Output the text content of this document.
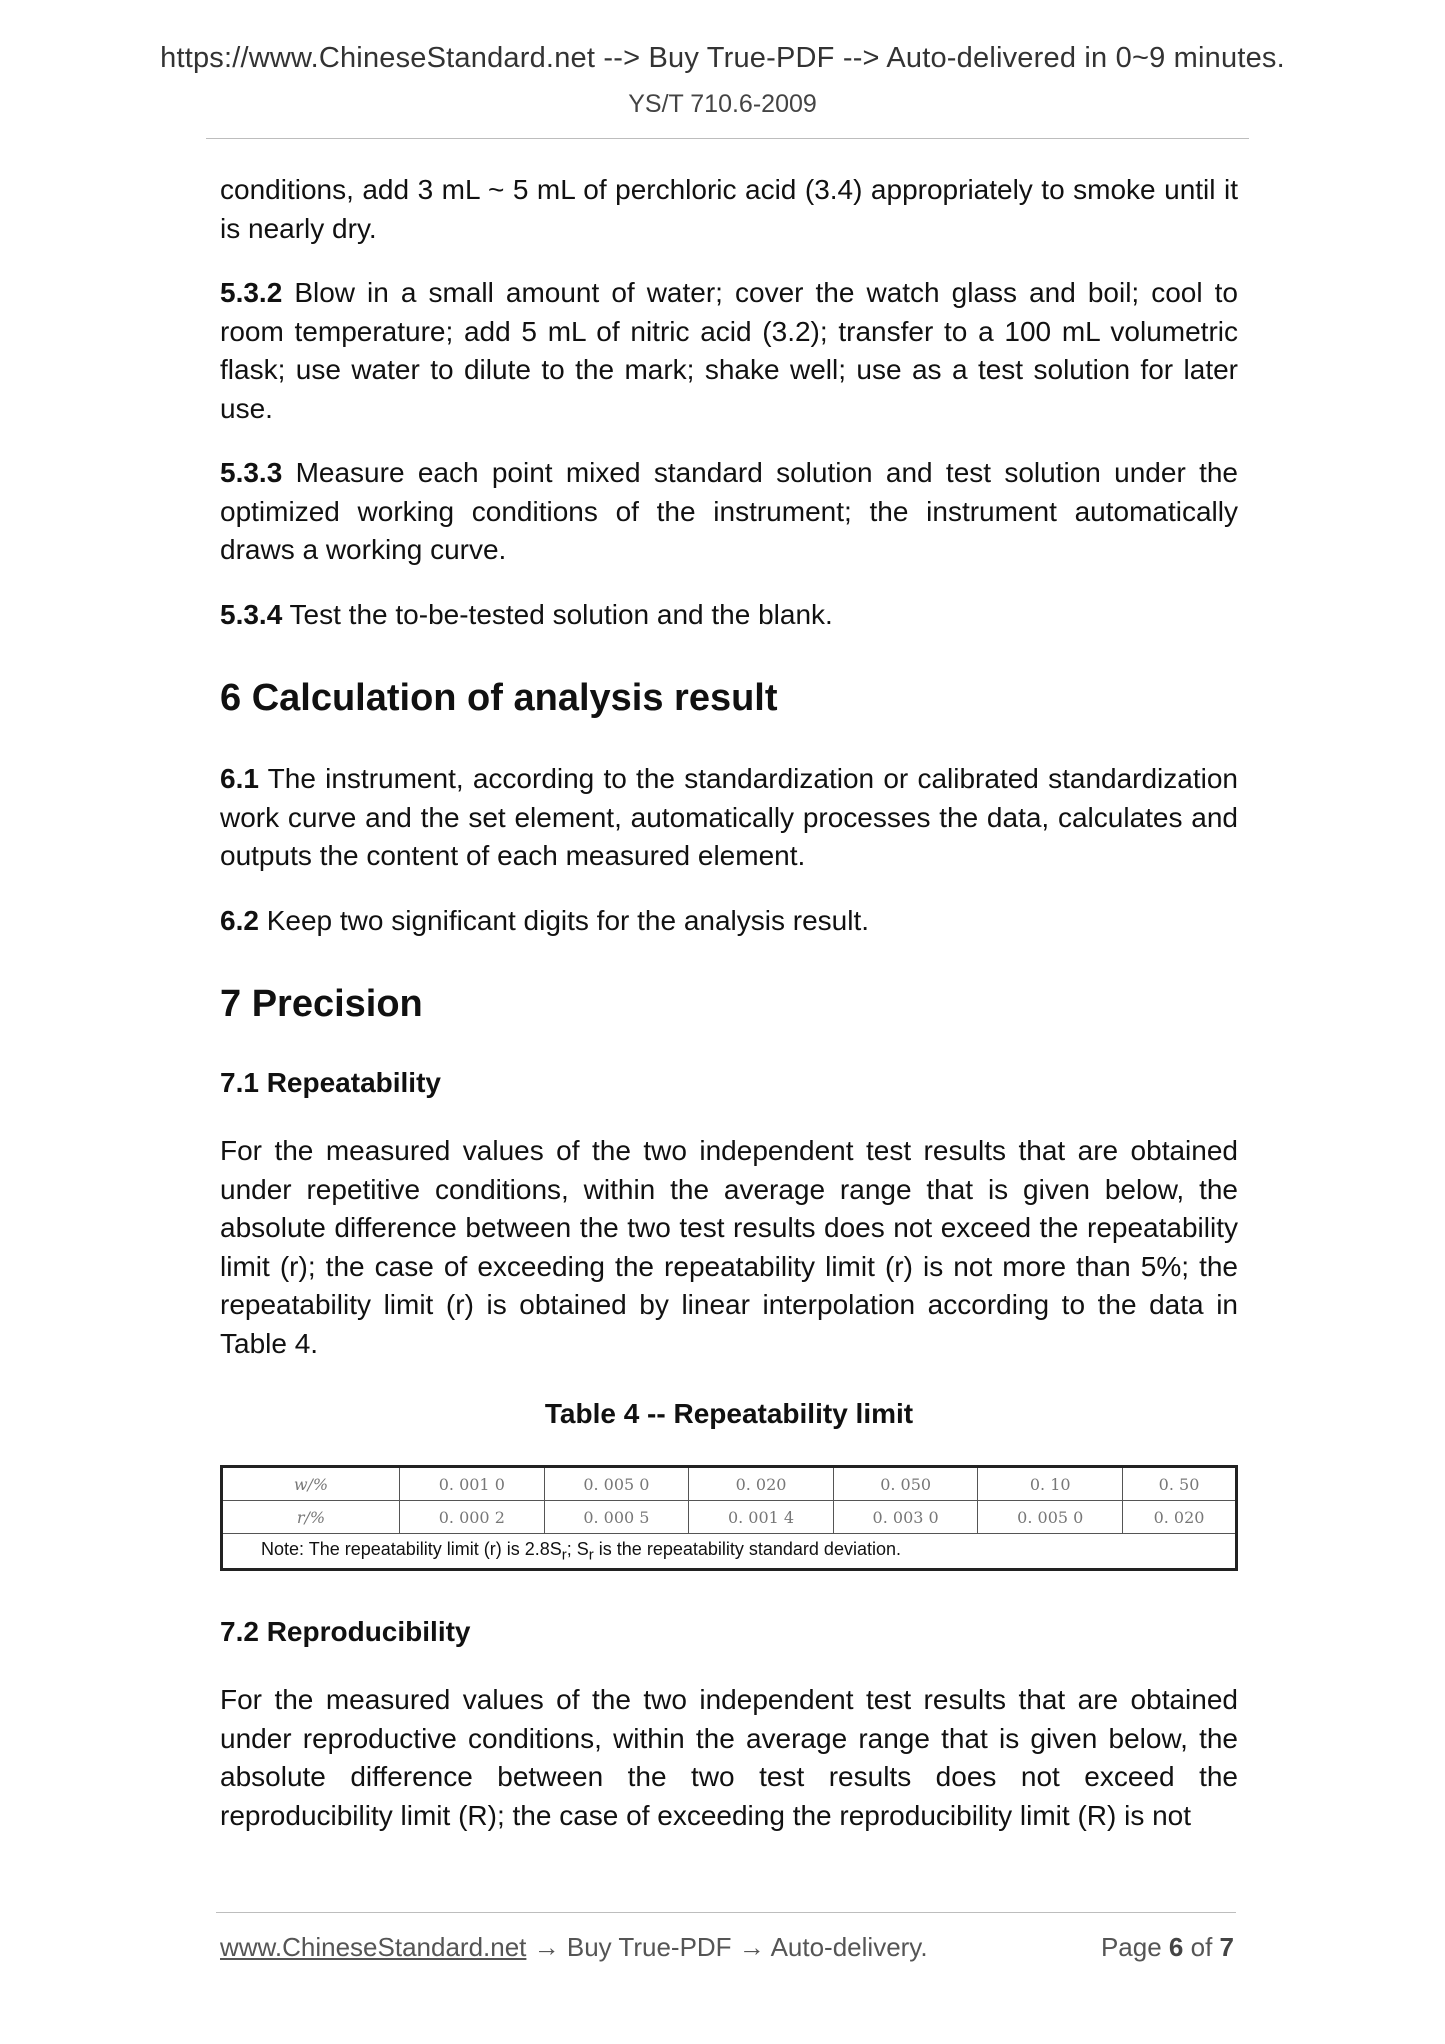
https://www.ChineseStandard.net --> Buy True-PDF --> Auto-delivered in 0~9 minutes.
YS/T 710.6-2009

conditions, add 3 mL ~ 5 mL of perchloric acid (3.4) appropriately to smoke until it is nearly dry.

5.3.2 Blow in a small amount of water; cover the watch glass and boil; cool to room temperature; add 5 mL of nitric acid (3.2); transfer to a 100 mL volumetric flask; use water to dilute to the mark; shake well; use as a test solution for later use.

5.3.3 Measure each point mixed standard solution and test solution under the optimized working conditions of the instrument; the instrument automatically draws a working curve.

5.3.4 Test the to-be-tested solution and the blank.

6 Calculation of analysis result

6.1 The instrument, according to the standardization or calibrated standardization work curve and the set element, automatically processes the data, calculates and outputs the content of each measured element.

6.2 Keep two significant digits for the analysis result.

7 Precision
7.1 Repeatability

For the measured values of the two independent test results that are obtained under repetitive conditions, within the average range that is given below, the absolute difference between the two test results does not exceed the repeatability limit (r); the case of exceeding the repeatability limit (r) is not more than 5%; the repeatability limit (r) is obtained by linear interpolation according to the data in Table 4.

Table 4 -- Repeatability limit
w/%	0. 001 0	0. 005 0	0. 020	0. 050	0. 10	0. 50
r/%	0. 000 2	0. 000 5	0. 001 4	0. 003 0	0. 005 0	0. 020
Note: The repeatability limit (r) is $2.8S_r$; $S_r$ is the repeatability standard deviation.						
7.2 Reproducibility

For the measured values of the two independent test results that are obtained under reproductive conditions, within the average range that is given below, the absolute difference between the two test results does not exceed the reproducibility limit (R); the case of exceeding the reproducibility limit (R) is not

www.ChineseStandard.net → Buy True-PDF → Auto-delivery.	Page 6 of 7
